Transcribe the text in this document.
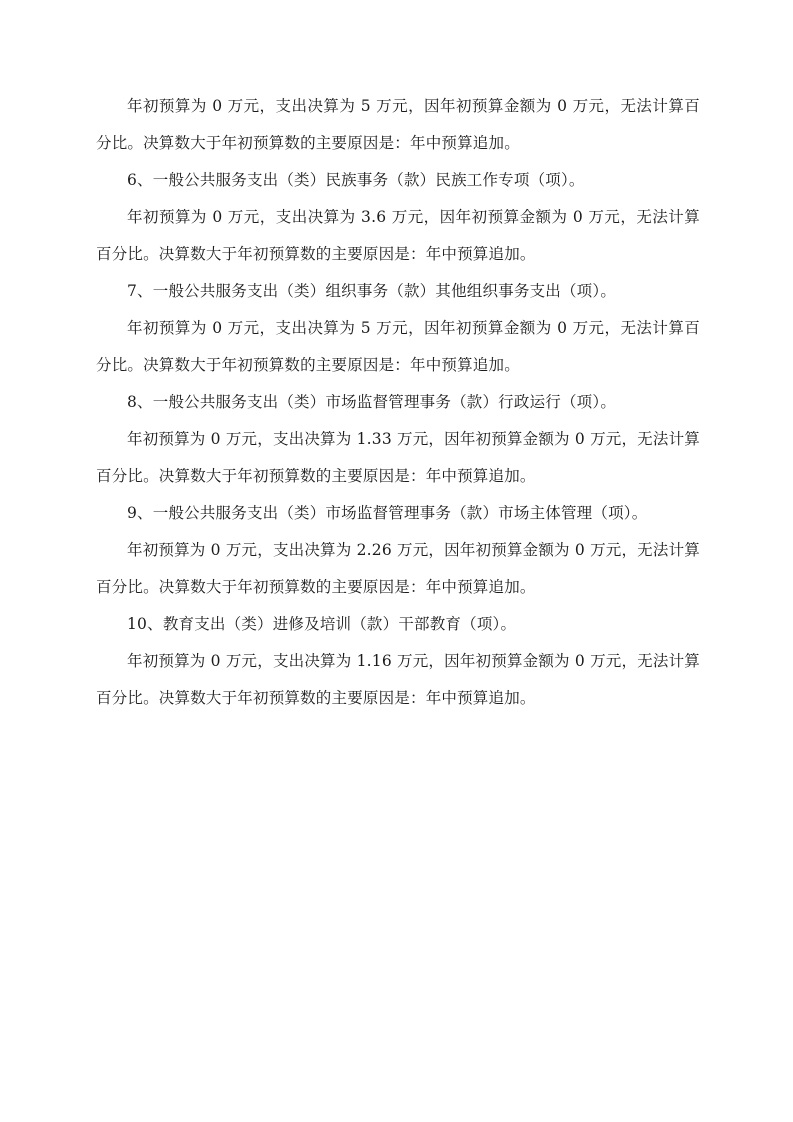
年初预算为 0 万元，支出决算为 5 万元，因年初预算金额为 0 万元，无法计算百分比。决算数大于年初预算数的主要原因是：年中预算追加。

6、一般公共服务支出（类）民族事务（款）民族工作专项（项）。

年初预算为 0 万元，支出决算为 3.6 万元，因年初预算金额为 0 万元，无法计算百分比。决算数大于年初预算数的主要原因是：年中预算追加。

7、一般公共服务支出（类）组织事务（款）其他组织事务支出（项）。

年初预算为 0 万元，支出决算为 5 万元，因年初预算金额为 0 万元，无法计算百分比。决算数大于年初预算数的主要原因是：年中预算追加。

8、一般公共服务支出（类）市场监督管理事务（款）行政运行（项）。

年初预算为 0 万元，支出决算为 1.33 万元，因年初预算金额为 0 万元，无法计算百分比。决算数大于年初预算数的主要原因是：年中预算追加。

9、一般公共服务支出（类）市场监督管理事务（款）市场主体管理（项）。

年初预算为 0 万元，支出决算为 2.26 万元，因年初预算金额为 0 万元，无法计算百分比。决算数大于年初预算数的主要原因是：年中预算追加。

10、教育支出（类）进修及培训（款）干部教育（项）。

年初预算为 0 万元，支出决算为 1.16 万元，因年初预算金额为 0 万元，无法计算百分比。决算数大于年初预算数的主要原因是：年中预算追加。
